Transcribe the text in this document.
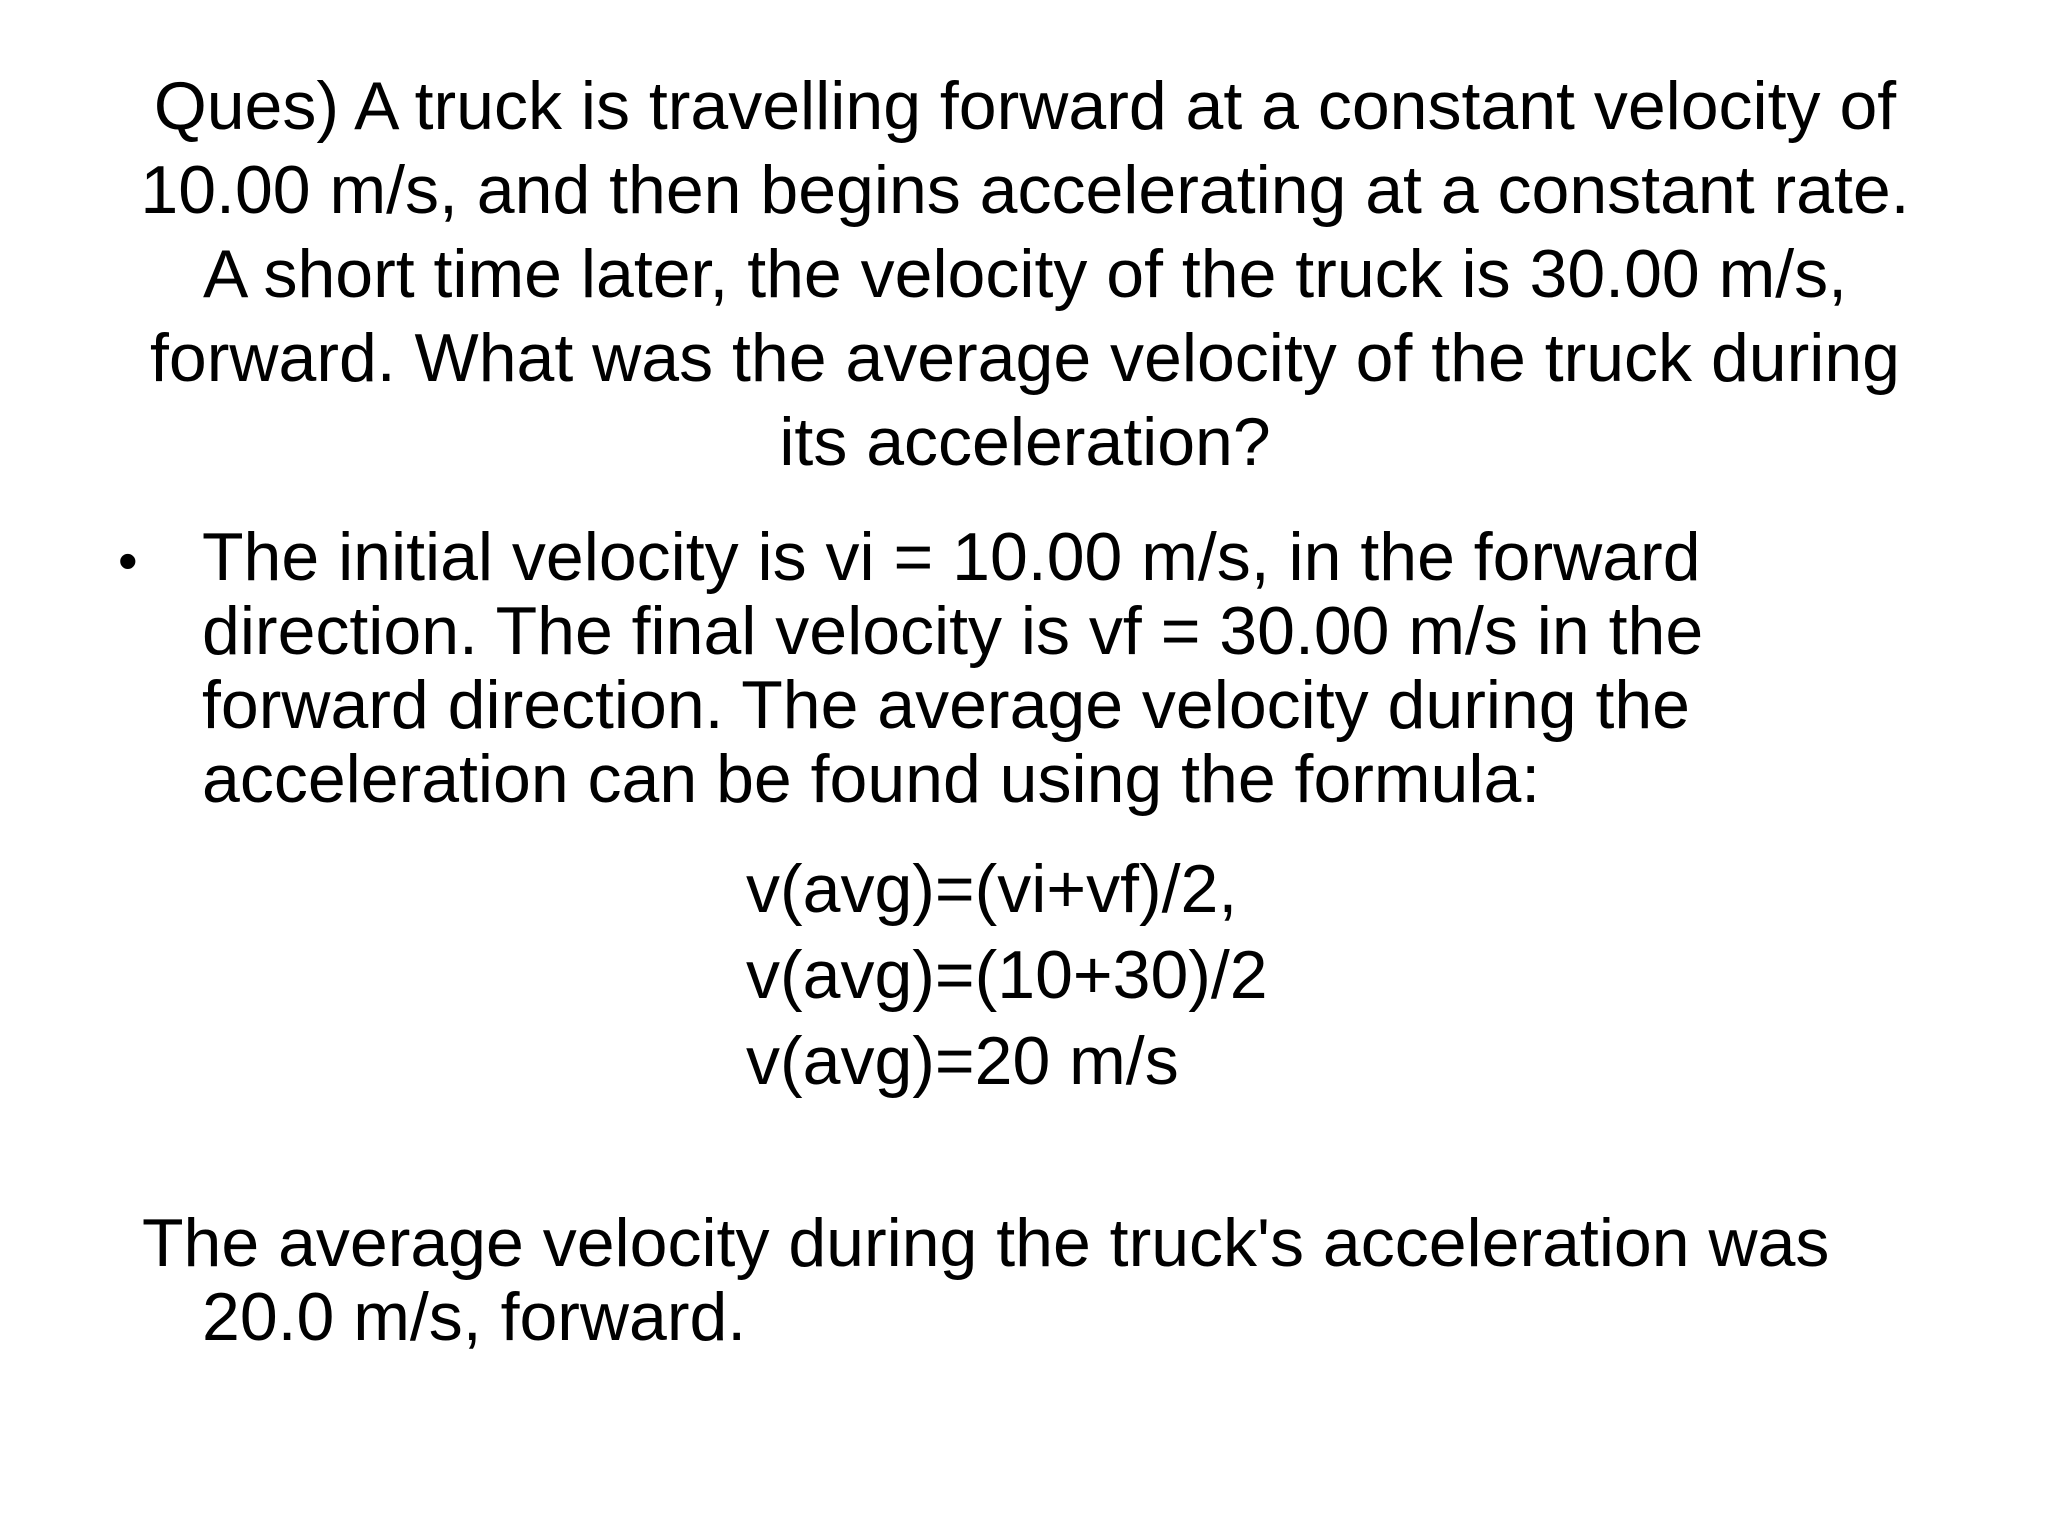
Ques) A truck is travelling forward at a constant velocity of 10.00 m/s, and then begins accelerating at a constant rate. A short time later, the velocity of the truck is 30.00 m/s, forward. What was the average velocity of the truck during its acceleration?
• The initial velocity is vi = 10.00 m/s, in the forward direction. The final velocity is vf = 30.00 m/s in the forward direction. The average velocity during the acceleration can be found using the formula:
v(avg)=(vi+vf)/2,
v(avg)=(10+30)/2
v(avg)=20 m/s
The average velocity during the truck's acceleration was 20.0 m/s, forward.
